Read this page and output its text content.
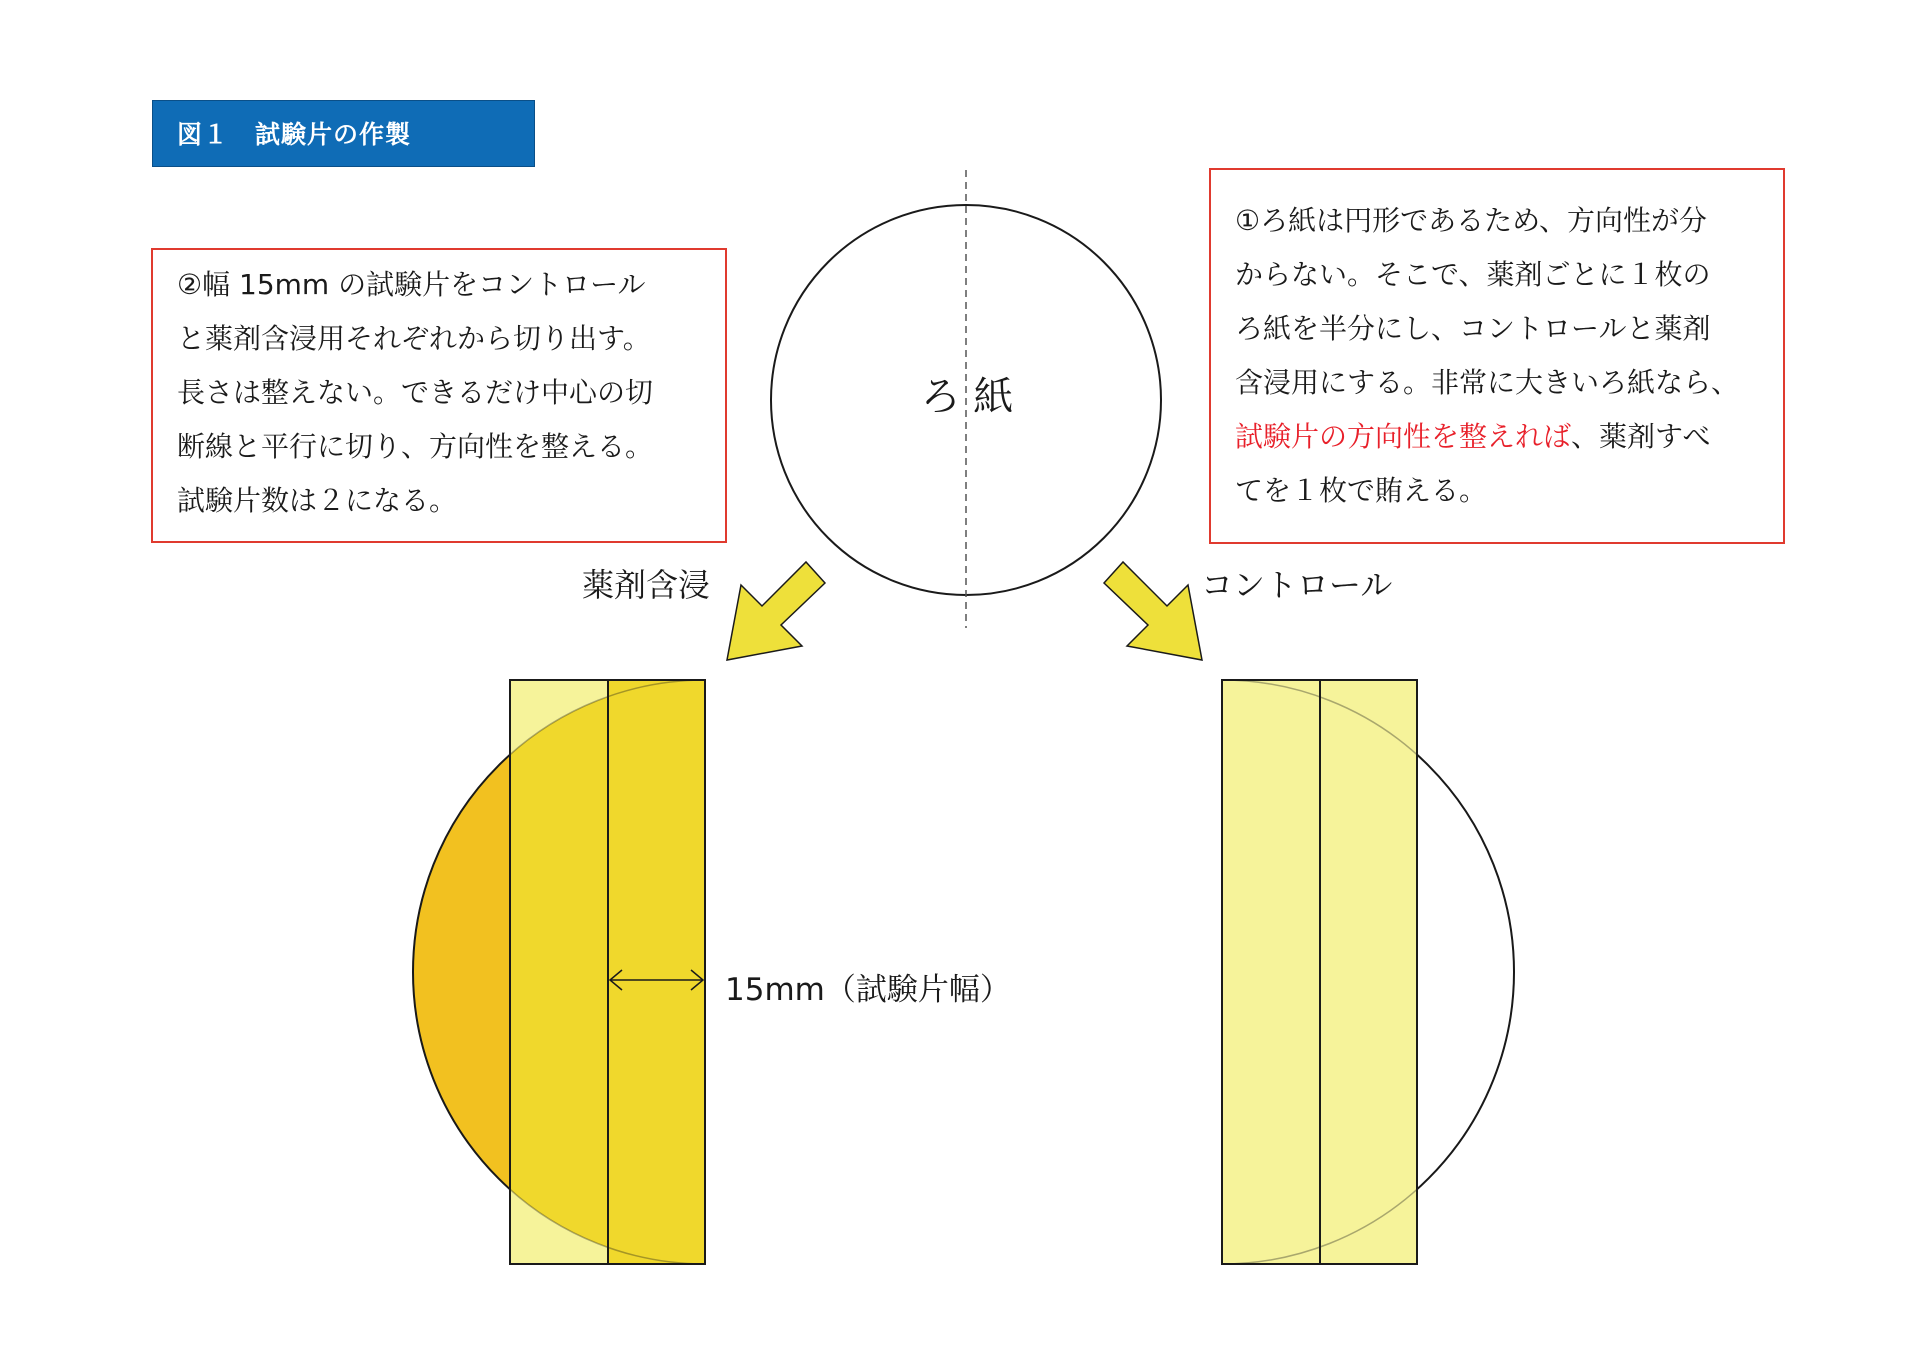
図１　試験片の作製
②幅 15mm の試験片をコントロール
と薬剤含浸用それぞれから切り出す。
長さは整えない。できるだけ中心の切
断線と平行に切り、方向性を整える。
試験片数は２になる。
①ろ紙は円形であるため、方向性が分
からない。そこで、薬剤ごとに１枚の
ろ紙を半分にし、コントロールと薬剤
含浸用にする。非常に大きいろ紙なら、
試験片の方向性を整えれば、薬剤すべ
てを１枚で賄える。
ろ 紙
薬剤含浸	コントロール
15mm（試験片幅）
